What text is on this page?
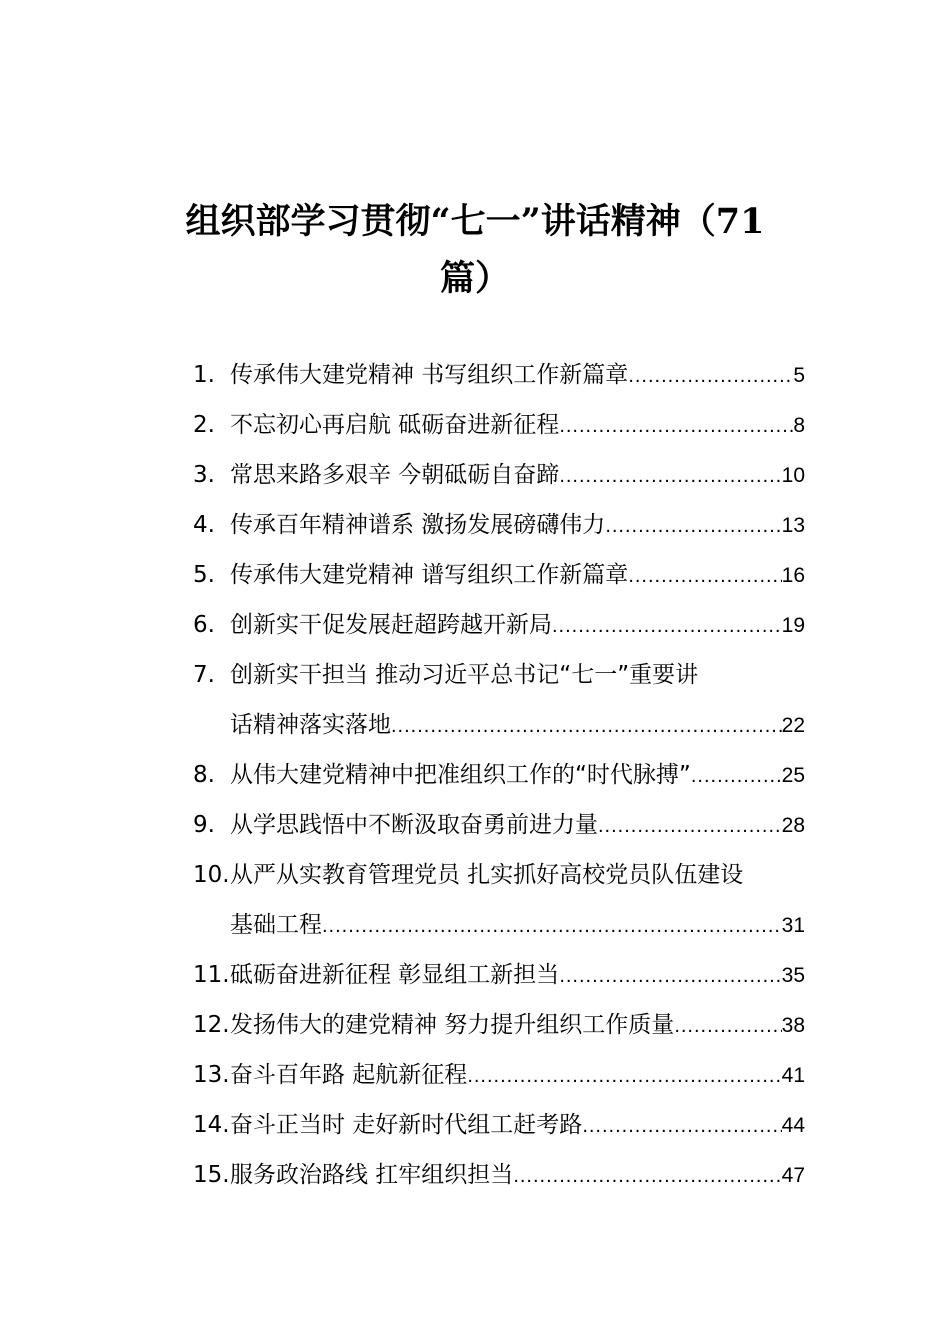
组织部学习贯彻“七一”讲话精神（71
篇）
1. 传承伟大建党精神 书写组织工作新篇章 .....	5
2. 不忘初心再启航 砥砺奋进新征程 .....	8
3. 常思来路多艰辛 今朝砥砺自奋蹄 .....	10
4. 传承百年精神谱系 激扬发展磅礴伟力 .....	13
5. 传承伟大建党精神 谱写组织工作新篇章 .....	16
6. 创新实干促发展赶超跨越开新局 .....	19
7. 创新实干担当 推动习近平总书记“七一”重要讲
话精神落实落地 .....	22
8. 从伟大建党精神中把准组织工作的“时代脉搏” .....	25
9. 从学思践悟中不断汲取奋勇前进力量 .....	28
10. 从严从实教育管理党员 扎实抓好高校党员队伍建设
基础工程 .....	31
11. 砥砺奋进新征程 彰显组工新担当 .....	35
12. 发扬伟大的建党精神 努力提升组织工作质量 .....	38
13. 奋斗百年路 起航新征程 .....	41
14. 奋斗正当时 走好新时代组工赶考路 .....	44
15. 服务政治路线 扛牢组织担当 .....	47
